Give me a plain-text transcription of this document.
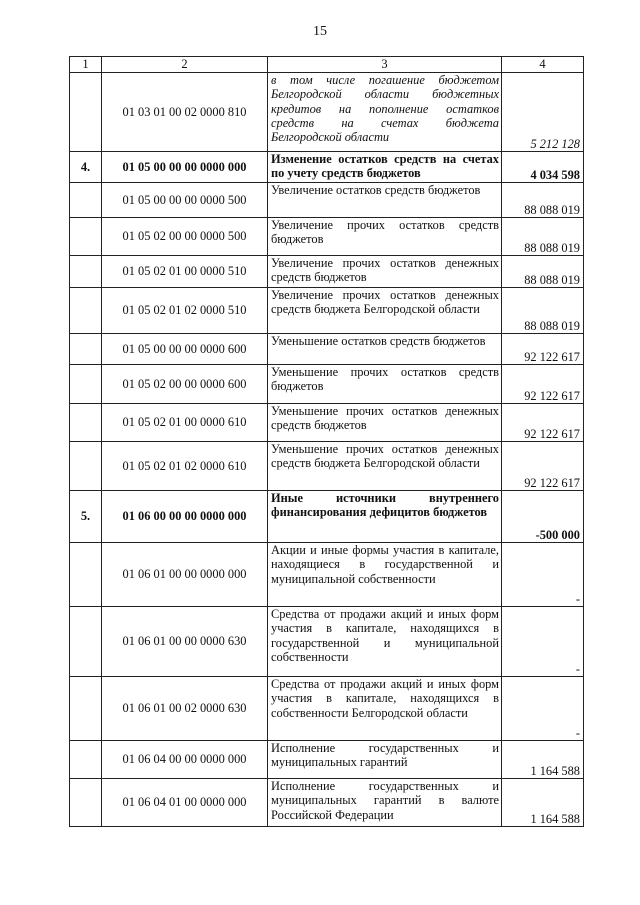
15
1	2	3	4
	01 03 01 00 02 0000 810	в том числе погашение бюджетом Белгородской области бюджетных кредитов на пополнение остатков средств на счетах бюджета Белгородской области	5 212 128
4.	01 05 00 00 00 0000 000	Изменение остатков средств на счетах по учету средств бюджетов	4 034 598
	01 05 00 00 00 0000 500	Увеличение остатков средств бюджетов	88 088 019
	01 05 02 00 00 0000 500	Увеличение прочих остатков средств бюджетов	88 088 019
	01 05 02 01 00 0000 510	Увеличение прочих остатков денежных средств бюджетов	88 088 019
	01 05 02 01 02 0000 510	Увеличение прочих остатков денежных средств бюджета Белгородской области	88 088 019
	01 05 00 00 00 0000 600	Уменьшение остатков средств бюджетов	92 122 617
	01 05 02 00 00 0000 600	Уменьшение прочих остатков средств бюджетов	92 122 617
	01 05 02 01 00 0000 610	Уменьшение прочих остатков денежных средств бюджетов	92 122 617
	01 05 02 01 02 0000 610	Уменьшение прочих остатков денежных средств бюджета Белгородской области	92 122 617
5.	01 06 00 00 00 0000 000	Иные источники внутреннего финансирования дефицитов бюджетов	-500 000
	01 06 01 00 00 0000 000	Акции и иные формы участия в капитале, находящиеся в государственной и муниципальной собственности	-
	01 06 01 00 00 0000 630	Средства от продажи акций и иных форм участия в капитале, находящихся в государственной и муниципальной собственности	-
	01 06 01 00 02 0000 630	Средства от продажи акций и иных форм участия в капитале, находящихся в собственности Белгородской области	-
	01 06 04 00 00 0000 000	Исполнение государственных и муниципальных гарантий	1 164 588
	01 06 04 01 00 0000 000	Исполнение государственных и муниципальных гарантий в валюте Российской Федерации	1 164 588
